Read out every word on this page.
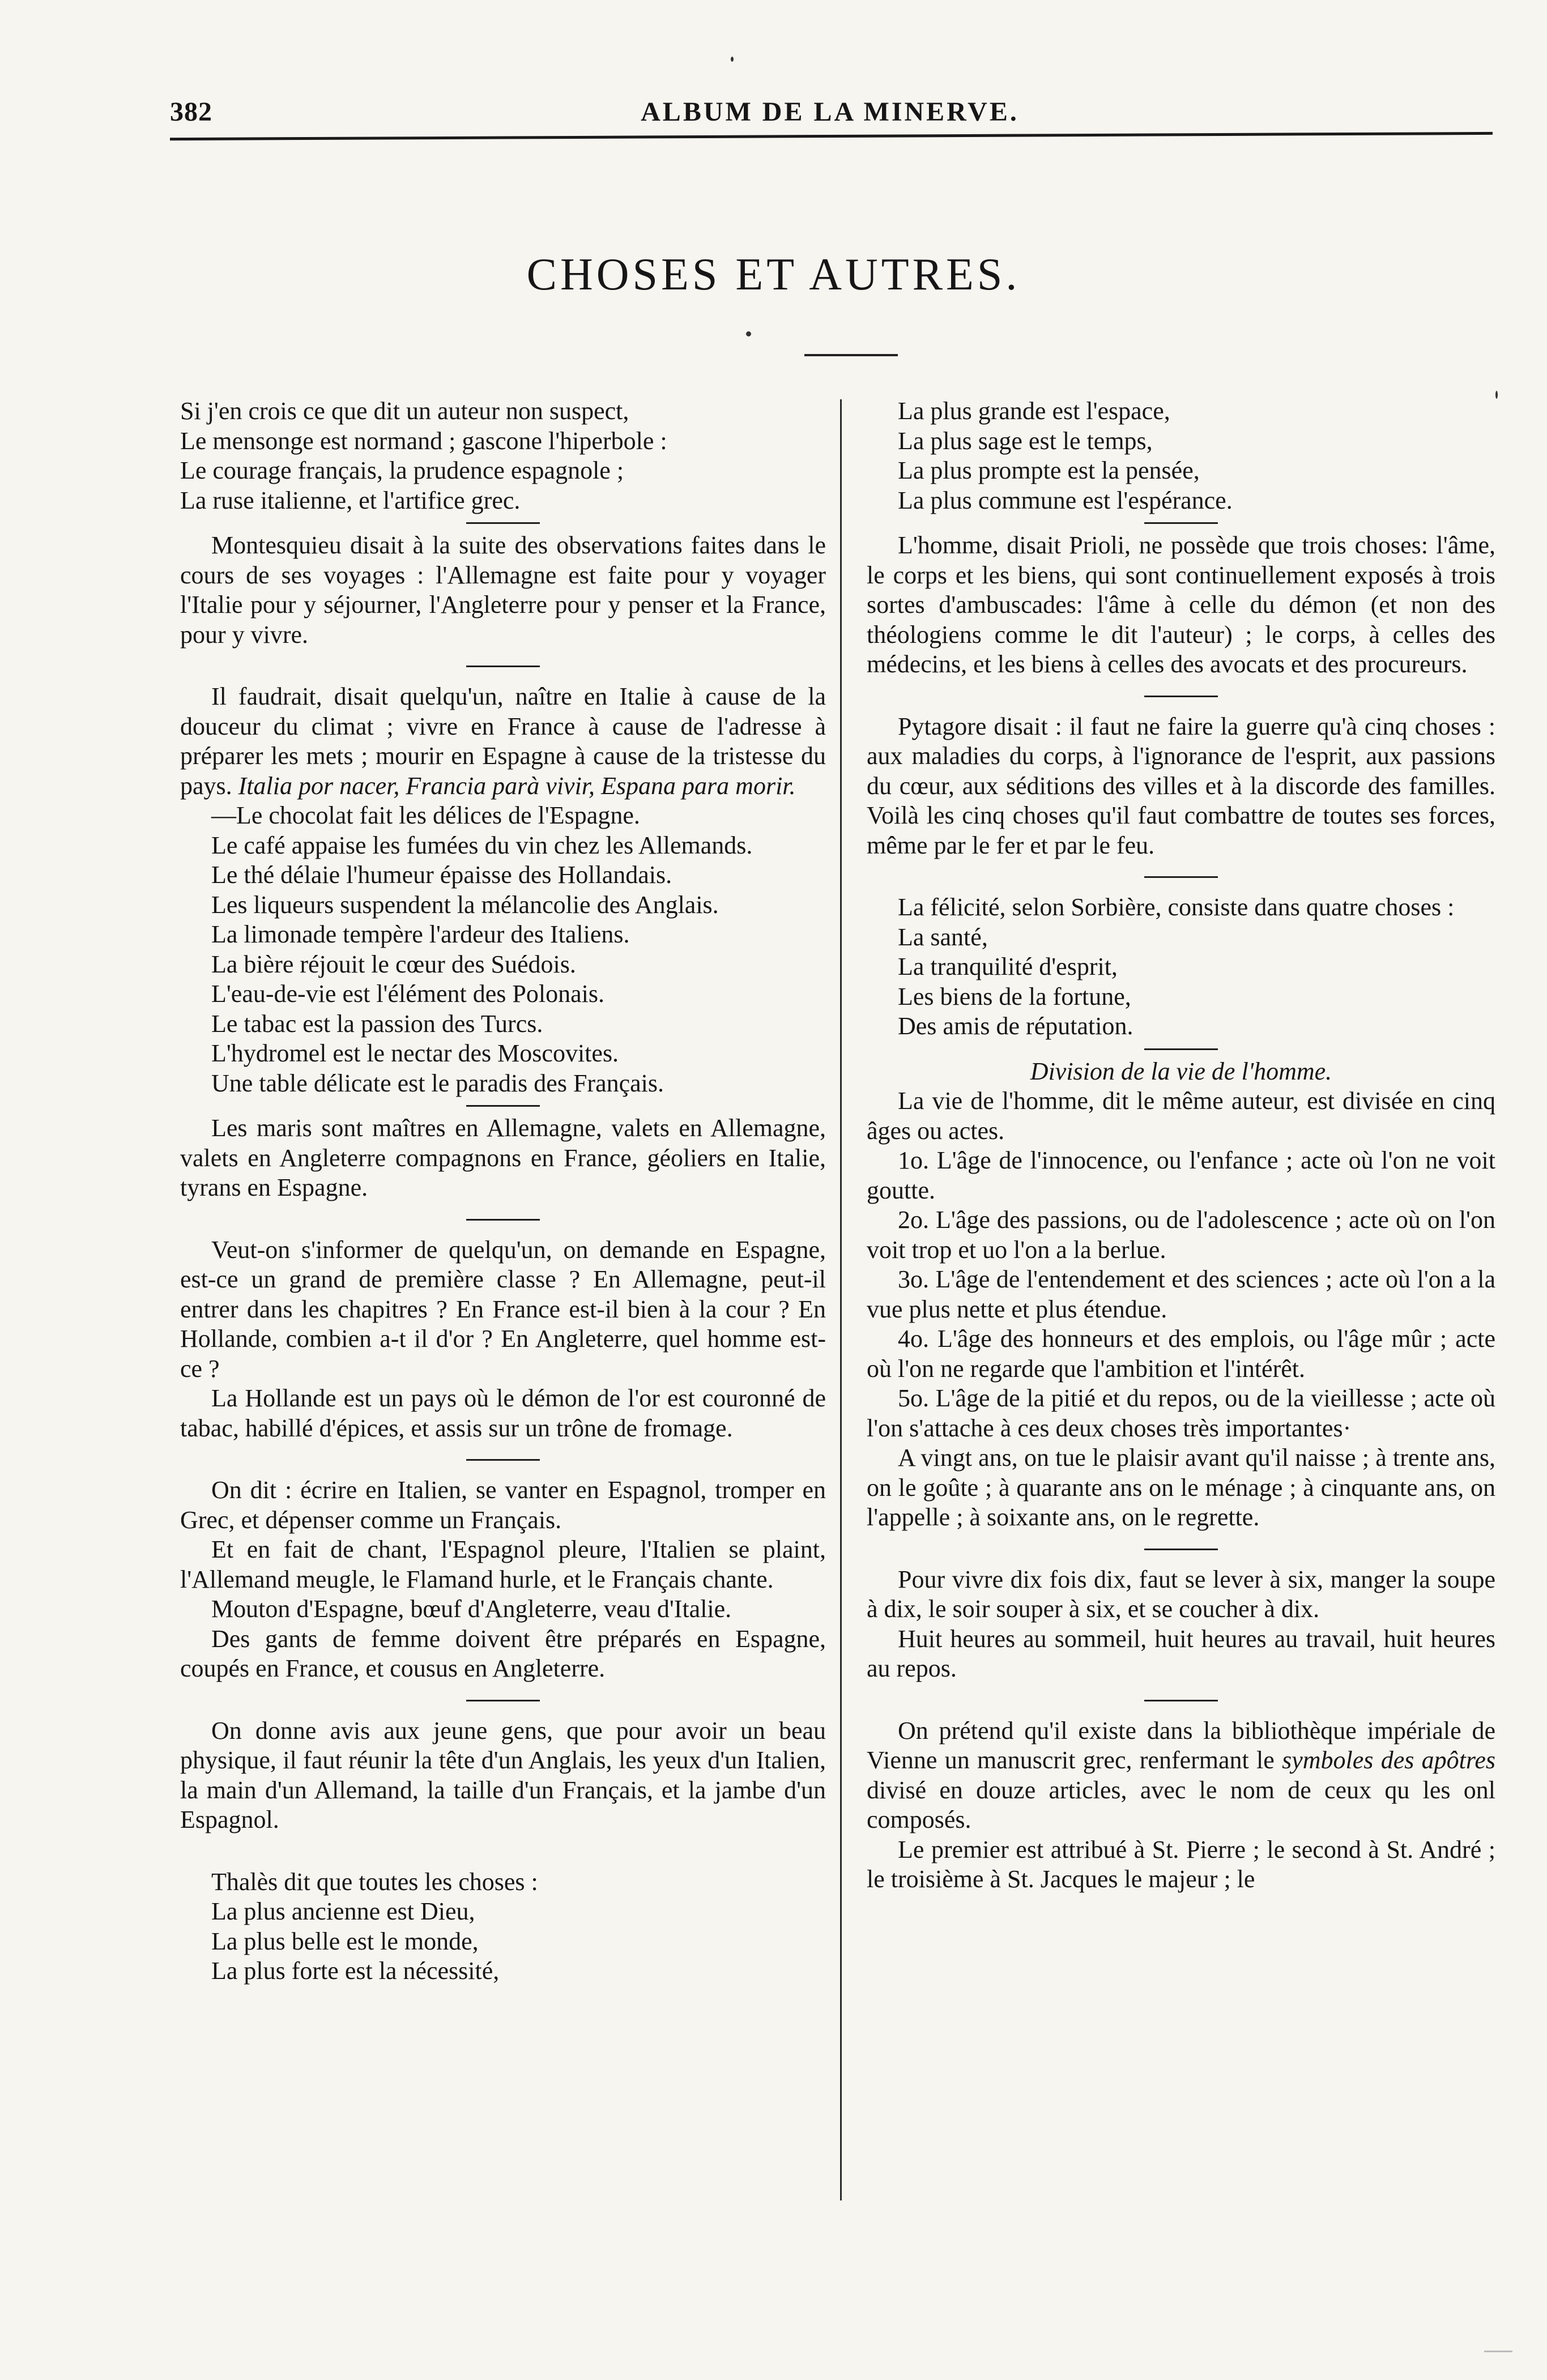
382	ALBUM DE LA MINERVE.
CHOSES ET AUTRES.
Si j'en crois ce que dit un auteur non suspect,
Le mensonge est normand ; gascone l'hiperbole :
Le courage français, la prudence espagnole ;
La ruse italienne, et l'artifice grec.

Montesquieu disait à la suite des observations faites dans le cours de ses voyages : l'Allemagne est faite pour y voyager l'Italie pour y séjourner, l'Angleterre pour y penser et la France, pour y vivre.

Il faudrait, disait quelqu'un, naître en Italie à cause de la douceur du climat ; vivre en France à cause de l'adresse à préparer les mets ; mourir en Espagne à cause de la tristesse du pays. Italia por nacer, Francia parà vivir, Espana para morir.

—Le chocolat fait les délices de l'Espagne.

Le café appaise les fumées du vin chez les Allemands.

Le thé délaie l'humeur épaisse des Hollandais.
Les liqueurs suspendent la mélancolie des Anglais.
La limonade tempère l'ardeur des Italiens.
La bière réjouit le cœur des Suédois.
L'eau-de-vie est l'élément des Polonais.
Le tabac est la passion des Turcs.
L'hydromel est le nectar des Moscovites.
Une table délicate est le paradis des Français.

Les maris sont maîtres en Allemagne, valets en Allemagne, valets en Angleterre compagnons en France, géoliers en Italie, tyrans en Espagne.

Veut-on s'informer de quelqu'un, on demande en Espagne, est-ce un grand de première classe ? En Allemagne, peut-il entrer dans les chapitres ? En France est-il bien à la cour ? En Hollande, combien a-t il d'or ? En Angleterre, quel homme est-ce ?

La Hollande est un pays où le démon de l'or est couronné de tabac, habillé d'épices, et assis sur un trône de fromage.

On dit : écrire en Italien, se vanter en Espagnol, tromper en Grec, et dépenser comme un Français.

Et en fait de chant, l'Espagnol pleure, l'Italien se plaint, l'Allemand meugle, le Flamand hurle, et le Français chante.

Mouton d'Espagne, bœuf d'Angleterre, veau d'Italie.

Des gants de femme doivent être préparés en Espagne, coupés en France, et cousus en Angleterre.

On donne avis aux jeune gens, que pour avoir un beau physique, il faut réunir la tête d'un Anglais, les yeux d'un Italien, la main d'un Allemand, la taille d'un Français, et la jambe d'un Espagnol.

Thalès dit que toutes les choses :
La plus ancienne est Dieu,
La plus belle est le monde,
La plus forte est la nécessité,
La plus grande est l'espace,
La plus sage est le temps,
La plus prompte est la pensée,
La plus commune est l'espérance.

L'homme, disait Prioli, ne possède que trois choses: l'âme, le corps et les biens, qui sont continuellement exposés à trois sortes d'ambuscades: l'âme à celle du démon (et non des théologiens comme le dit l'auteur) ; le corps, à celles des médecins, et les biens à celles des avocats et des procureurs.

Pytagore disait : il faut ne faire la guerre qu'à cinq choses : aux maladies du corps, à l'ignorance de l'esprit, aux passions du cœur, aux séditions des villes et à la discorde des familles. Voilà les cinq choses qu'il faut combattre de toutes ses forces, même par le fer et par le feu.

La félicité, selon Sorbière, consiste dans quatre choses :

La santé,
La tranquilité d'esprit,
Les biens de la fortune,
Des amis de réputation.

Division de la vie de l'homme.

La vie de l'homme, dit le même auteur, est divisée en cinq âges ou actes.

1o. L'âge de l'innocence, ou l'enfance ; acte où l'on ne voit goutte.

2o. L'âge des passions, ou de l'adolescence ; acte où on l'on voit trop et uo l'on a la berlue.

3o. L'âge de l'entendement et des sciences ; acte où l'on a la vue plus nette et plus étendue.

4o. L'âge des honneurs et des emplois, ou l'âge mûr ; acte où l'on ne regarde que l'ambition et l'intérêt.

5o. L'âge de la pitié et du repos, ou de la vieillesse ; acte où l'on s'attache à ces deux choses très importantes·

A vingt ans, on tue le plaisir avant qu'il naisse ; à trente ans, on le goûte ; à quarante ans on le ménage ; à cinquante ans, on l'appelle ; à soixante ans, on le regrette.

Pour vivre dix fois dix, faut se lever à six, manger la soupe à dix, le soir souper à six, et se coucher à dix.

Huit heures au sommeil, huit heures au travail, huit heures au repos.

On prétend qu'il existe dans la bibliothèque impériale de Vienne un manuscrit grec, renfermant le symboles des apôtres divisé en douze articles, avec le nom de ceux qu les onl composés.

Le premier est attribué à St. Pierre ; le second à St. André ; le troisième à St. Jacques le majeur ; le
